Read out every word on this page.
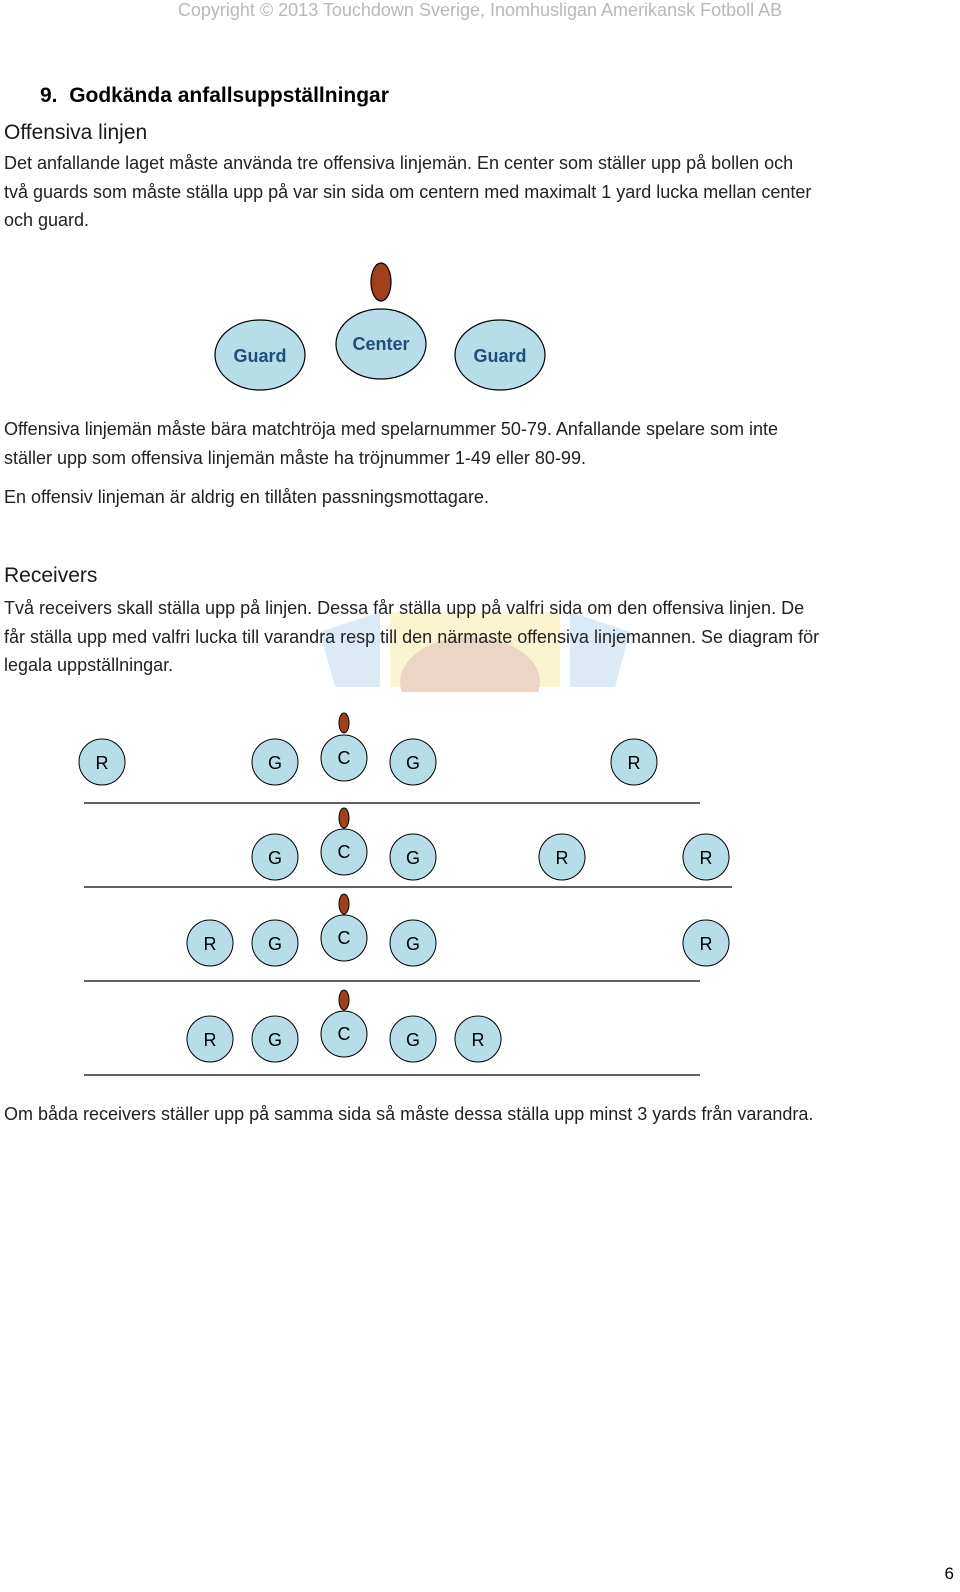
Copyright © 2013 Touchdown Sverige, Inomhusligan Amerikansk Fotboll AB
9. Godkända anfallsuppställningar
Offensiva linjen
Det anfallande laget måste använda tre offensiva linjemän. En center som ställer upp på bollen och
två guards som måste ställa upp på var sin sida om centern med maximalt 1 yard lucka mellan center
och guard.
Offensiva linjemän måste bära matchtröja med spelarnummer 50-79. Anfallande spelare som inte
ställer upp som offensiva linjemän måste ha tröjnummer 1-49 eller 80-99.
En offensiv linjeman är aldrig en tillåten passningsmottagare.
Receivers
Två receivers skall ställa upp på linjen. Dessa får ställa upp på valfri sida om den offensiva linjen. De
får ställa upp med valfri lucka till varandra resp till den närmaste offensiva linjemannen. Se diagram för
legala uppställningar.
Om båda receivers ställer upp på samma sida så måste dessa ställa upp minst 3 yards från varandra.
6
Guard
Center
Guard
R	G	C	G	R
G	C	G	R	R
R	G	C	G	R
R	G	C	G	R
